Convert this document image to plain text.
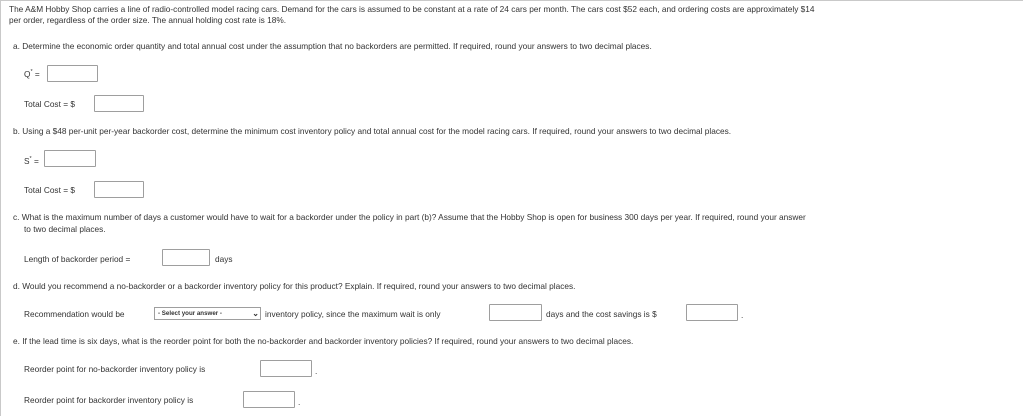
The A&M Hobby Shop carries a line of radio-controlled model racing cars. Demand for the cars is assumed to be constant at a rate of 24 cars per month. The cars cost $52 each, and ordering costs are approximately $14
per order, regardless of the order size. The annual holding cost rate is 18%.
a. Determine the economic order quantity and total annual cost under the assumption that no backorders are permitted. If required, round your answers to two decimal places.
Q* =
Total Cost = $
b. Using a $48 per-unit per-year backorder cost, determine the minimum cost inventory policy and total annual cost for the model racing cars. If required, round your answers to two decimal places.
S* =
Total Cost = $
c. What is the maximum number of days a customer would have to wait for a backorder under the policy in part (b)? Assume that the Hobby Shop is open for business 300 days per year. If required, round your answer
to two decimal places.
Length of backorder period =	days
d. Would you recommend a no-backorder or a backorder inventory policy for this product? Explain. If required, round your answers to two decimal places.
Recommendation would be	- Select your answer -	⌄ inventory policy, since the maximum wait is only	days and the cost savings is $	.
e. If the lead time is six days, what is the reorder point for both the no-backorder and backorder inventory policies? If required, round your answers to two decimal places.
Reorder point for no-backorder inventory policy is	.
Reorder point for backorder inventory policy is	.
